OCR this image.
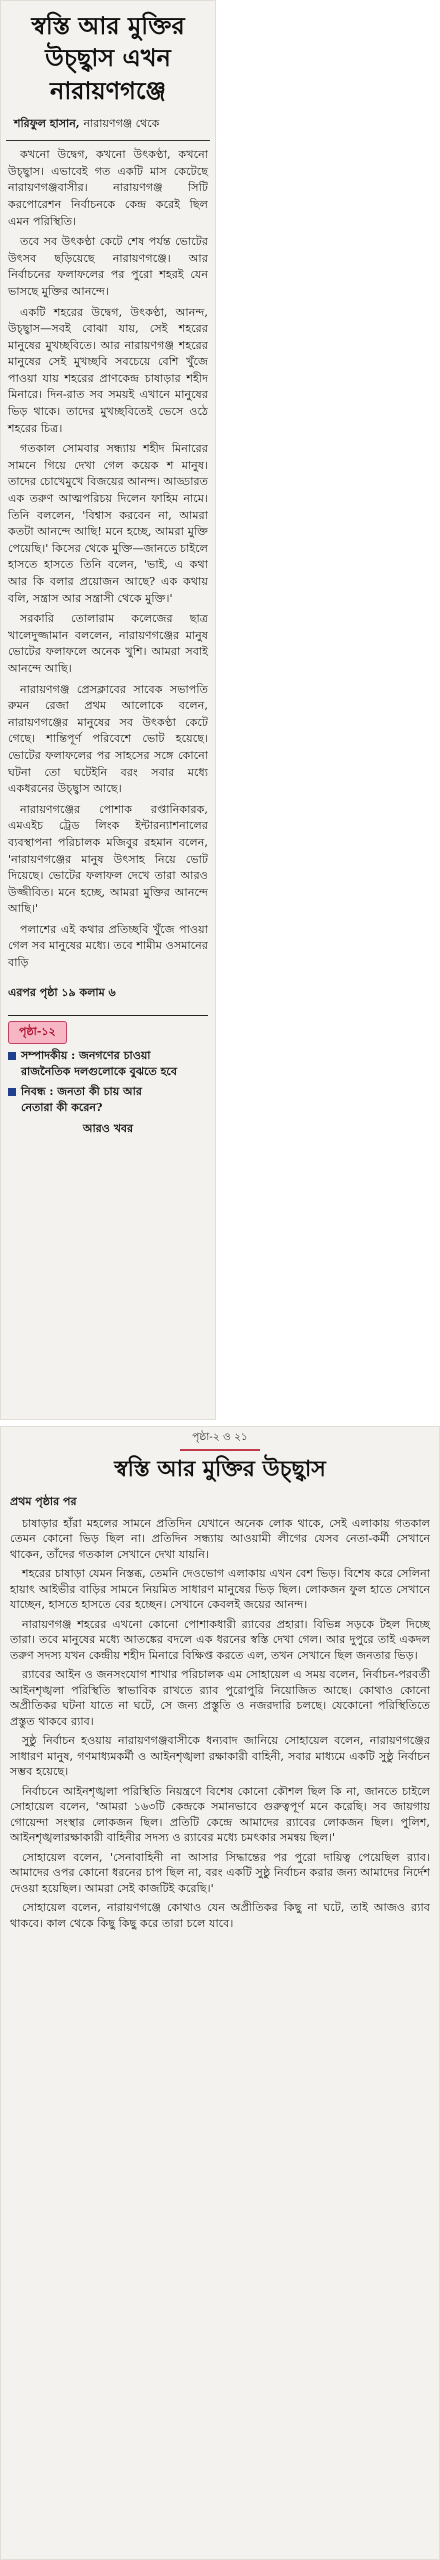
স্বস্তি আর মুক্তির উচ্ছ্বাস এখন নারায়ণগঞ্জে
শরিফুল হাসান, নারায়ণগঞ্জ থেকে

কখনো উদ্বেগ, কখনো উৎকণ্ঠা, কখনো উচ্ছ্বাস। এভাবেই গত একটি মাস কেটেছে নারায়ণগঞ্জবাসীর। নারায়ণগঞ্জ সিটি করপোরেশন নির্বাচনকে কেন্দ্র করেই ছিল এমন পরিস্থিতি।

তবে সব উৎকণ্ঠা কেটে শেষ পর্যন্ত ভোটের উৎসব ছড়িয়েছে নারায়ণগঞ্জে। আর নির্বাচনের ফলাফলের পর পুরো শহরই যেন ভাসছে মুক্তির আনন্দে।

একটি শহরের উদ্বেগ, উৎকণ্ঠা, আনন্দ, উচ্ছ্বাস—সবই বোঝা যায়, সেই শহরের মানুষের মুখচ্ছবিতে। আর নারায়ণগঞ্জ শহরের মানুষের সেই মুখচ্ছবি সবচেয়ে বেশি খুঁজে পাওয়া যায় শহরের প্রাণকেন্দ্র চাষাড়ার শহীদ মিনারে। দিন-রাত সব সময়ই এখানে মানুষের ভিড় থাকে। তাদের মুখচ্ছবিতেই ভেসে ওঠে শহরের চিত্র।

গতকাল সোমবার সন্ধ্যায় শহীদ মিনারের সামনে গিয়ে দেখা গেল কয়েক শ মানুষ। তাদের চোখেমুখে বিজয়ের আনন্দ। আড্ডারত এক তরুণ আত্মপরিচয় দিলেন ফাহিম নামে। তিনি বললেন, 'বিশ্বাস করবেন না, আমরা কতটা আনন্দে আছি! মনে হচ্ছে, আমরা মুক্তি পেয়েছি।' কিসের থেকে মুক্তি—জানতে চাইলে হাসতে হাসতে তিনি বলেন, 'ভাই, এ কথা আর কি বলার প্রয়োজন আছে? এক কথায় বলি, সন্ত্রাস আর সন্ত্রাসী থেকে মুক্তি।'

সরকারি তোলারাম কলেজের ছাত্র খালেদুজ্জামান বললেন, নারায়ণগঞ্জের মানুষ ভোটের ফলাফলে অনেক খুশি। আমরা সবাই আনন্দে আছি।

নারায়ণগঞ্জ প্রেসক্লাবের সাবেক সভাপতি রুমন রেজা প্রথম আলোকে বলেন, নারায়ণগঞ্জের মানুষের সব উৎকণ্ঠা কেটে গেছে। শান্তিপূর্ণ পরিবেশে ভোট হয়েছে। ভোটের ফলাফলের পর সাহসের সঙ্গে কোনো ঘটনা তো ঘটেইনি বরং সবার মধ্যে একধরনের উচ্ছ্বাস আছে।

নারায়ণগঞ্জের পোশাক রপ্তানিকারক, এমএইচ ট্রেড লিংক ইন্টারন্যাশনালের ব্যবস্থাপনা পরিচালক মজিবুর রহমান বলেন, 'নারায়ণগঞ্জের মানুষ উৎসাহ নিয়ে ভোট দিয়েছে। ভোটের ফলাফল দেখে তারা আরও উজ্জীবিত। মনে হচ্ছে, আমরা মুক্তির আনন্দে আছি।'

পলাশের এই কথার প্রতিচ্ছবি খুঁজে পাওয়া গেল সব মানুষের মধ্যে। তবে শামীম ওসমানের বাড়ি

এরপর পৃষ্ঠা ১৯ কলাম ৬
পৃষ্ঠা-১২
সম্পাদকীয় : জনগণের চাওয়া
রাজনৈতিক দলগুলোকে বুঝতে হবে
নিবন্ধ : জনতা কী চায় আর
নেতারা কী করেন?
আরও খবর
পৃষ্ঠা-২ ও ২১
স্বস্তি আর মুক্তির উচ্ছ্বাস
প্রথম পৃষ্ঠার পর

চাষাড়ার হাঁরা মহলের সামনে প্রতিদিন যেখানে অনেক লোক থাকে, সেই এলাকায় গতকাল তেমন কোনো ভিড় ছিল না। প্রতিদিন সন্ধ্যায় আওয়ামী লীগের যেসব নেতা-কর্মী সেখানে থাকেন, তাঁদের গতকাল সেখানে দেখা যায়নি।

শহরের চাষাড়া যেমন নিস্তব্ধ, তেমনি দেওভোগ এলাকায় এখন বেশ ভিড়। বিশেষ করে সেলিনা হায়াৎ আইভীর বাড়ির সামনে নিয়মিত সাধারণ মানুষের ভিড় ছিল। লোকজন ফুল হাতে সেখানে যাচ্ছেন, হাসতে হাসতে বের হচ্ছেন। সেখানে কেবলই জয়ের আনন্দ।

নারায়ণগঞ্জ শহরের এখনো কোনো পোশাকধারী র‍্যাবের প্রহারা। বিভিন্ন সড়কে টহল দিচ্ছে তারা। তবে মানুষের মধ্যে আতঙ্কের বদলে এক ধরনের স্বস্তি দেখা গেল। আর দুপুরে তাই একদল তরুণ সদস্য যখন কেন্দ্রীয় শহীদ মিনারে বিক্ষিপ্ত করতে এল, তখন সেখানে ছিল জনতার ভিড়।

র‍্যাবের আইন ও জনসংযোগ শাখার পরিচালক এম সোহায়েল এ সময় বলেন, নির্বাচন-পরবর্তী আইনশৃঙ্খলা পরিস্থিতি স্বাভাবিক রাখতে র‍্যাব পুরোপুরি নিয়োজিত আছে। কোথাও কোনো অপ্রীতিকর ঘটনা যাতে না ঘটে, সে জন্য প্রস্তুতি ও নজরদারি চলছে। যেকোনো পরিস্থিতিতে প্রস্তুত থাকবে র‍্যাব।

সুষ্ঠু নির্বাচন হওয়ায় নারায়ণগঞ্জবাসীকে ধন্যবাদ জানিয়ে সোহায়েল বলেন, নারায়ণগঞ্জের সাধারণ মানুষ, গণমাধ্যমকর্মী ও আইনশৃঙ্খলা রক্ষাকারী বাহিনী, সবার মাধ্যমে একটি সুষ্ঠু নির্বাচন সম্ভব হয়েছে।

নির্বাচনে আইনশৃঙ্খলা পরিস্থিতি নিয়ন্ত্রণে বিশেষ কোনো কৌশল ছিল কি না, জানতে চাইলে সোহায়েল বলেন, 'আমরা ১৬৩টি কেন্দ্রকে সমানভাবে গুরুত্বপূর্ণ মনে করেছি। সব জায়গায় গোয়েন্দা সংস্থার লোকজন ছিল। প্রতিটি কেন্দ্রে আমাদের র‍্যাবের লোকজন ছিল। পুলিশ, আইনশৃঙ্খলারক্ষাকারী বাহিনীর সদস্য ও র‍্যাবের মধ্যে চমৎকার সমন্বয় ছিল।'

সোহায়েল বলেন, 'সেনাবাহিনী না আসার সিদ্ধান্তের পর পুরো দায়িত্ব পেয়েছিল র‍্যাব। আমাদের ওপর কোনো ধরনের চাপ ছিল না, বরং একটি সুষ্ঠু নির্বাচন করার জন্য আমাদের নির্দেশ দেওয়া হয়েছিল। আমরা সেই কাজটিই করেছি।'

সোহায়েল বলেন, নারায়ণগঞ্জে কোথাও যেন অপ্রীতিকর কিছু না ঘটে, তাই আজও র‍্যাব থাকবে। কাল থেকে কিছু কিছু করে তারা চলে যাবে।
